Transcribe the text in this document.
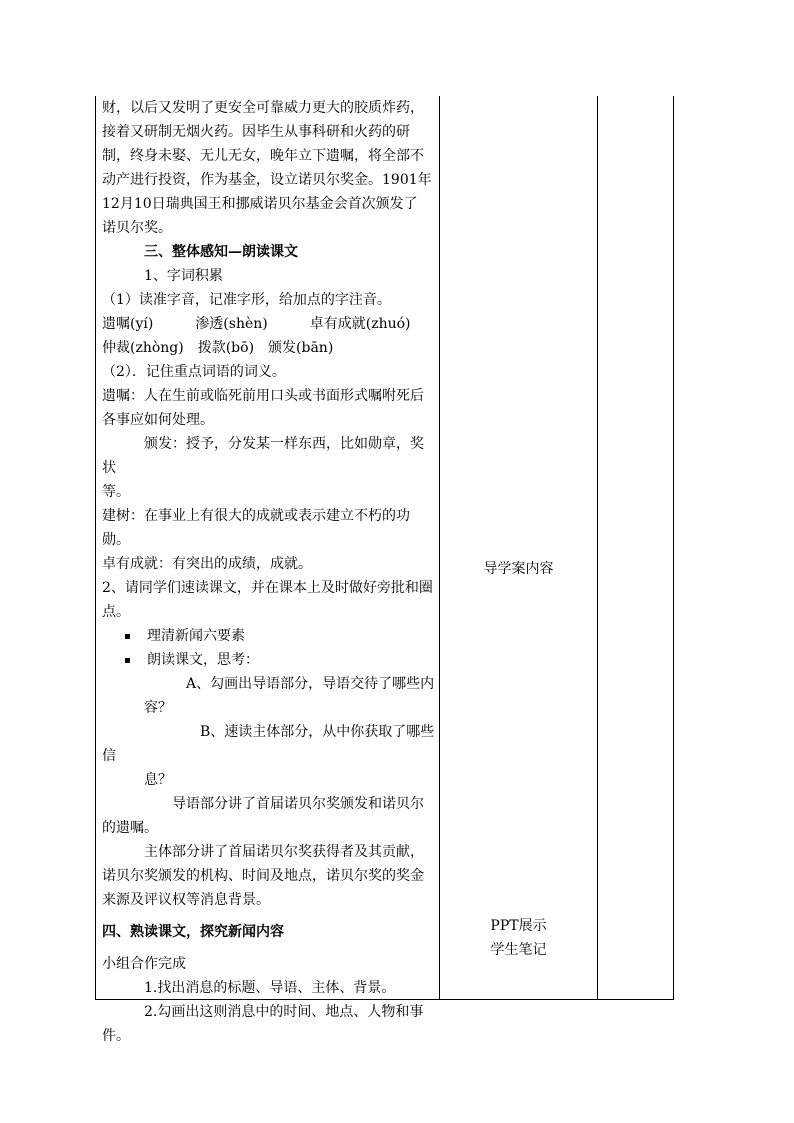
财，以后又发明了更安全可靠威力更大的胶质炸药，

接着又研制无烟火药。因毕生从事科研和火药的研

制，终身未娶、无儿无女，晚年立下遗嘱，将全部不

动产进行投资，作为基金，设立诺贝尔奖金。1901年

12月10日瑞典国王和挪威诺贝尔基金会首次颁发了

诺贝尔奖。

三、整体感知—朗读课文

1、字词积累

（1）读准字音，记准字形，给加点的字注音。

遗嘱(yí)　　　渗透(shèn)　　　卓有成就(zhuó)

仲裁(zhòng)　拨款(bō)　颁发(bān)

（2）．记住重点词语的词义。

遗嘱：人在生前或临死前用口头或书面形式嘱咐死后

各事应如何处理。

颁发：授予，分发某一样东西，比如勋章，奖状

等。

建树：在事业上有很大的成就或表示建立不朽的功

勋。

卓有成就：有突出的成绩，成就。

2、请同学们速读课文，并在课本上及时做好旁批和圈

点。

理清新闻六要素

朗读课文，思考：

A、勾画出导语部分，导语交待了哪些内

容？

B、速读主体部分，从中你获取了哪些信

息？

导语部分讲了首届诺贝尔奖颁发和诺贝尔

的遗嘱。

主体部分讲了首届诺贝尔奖获得者及其贡献，

诺贝尔奖颁发的机构、时间及地点，诺贝尔奖的奖金

来源及评议权等消息背景。

四、熟读课文，探究新闻内容

小组合作完成

1.找出消息的标题、导语、主体、背景。

2.勾画出这则消息中的时间、地点、人物和事

件。

导学案内容

PPT展示

学生笔记
